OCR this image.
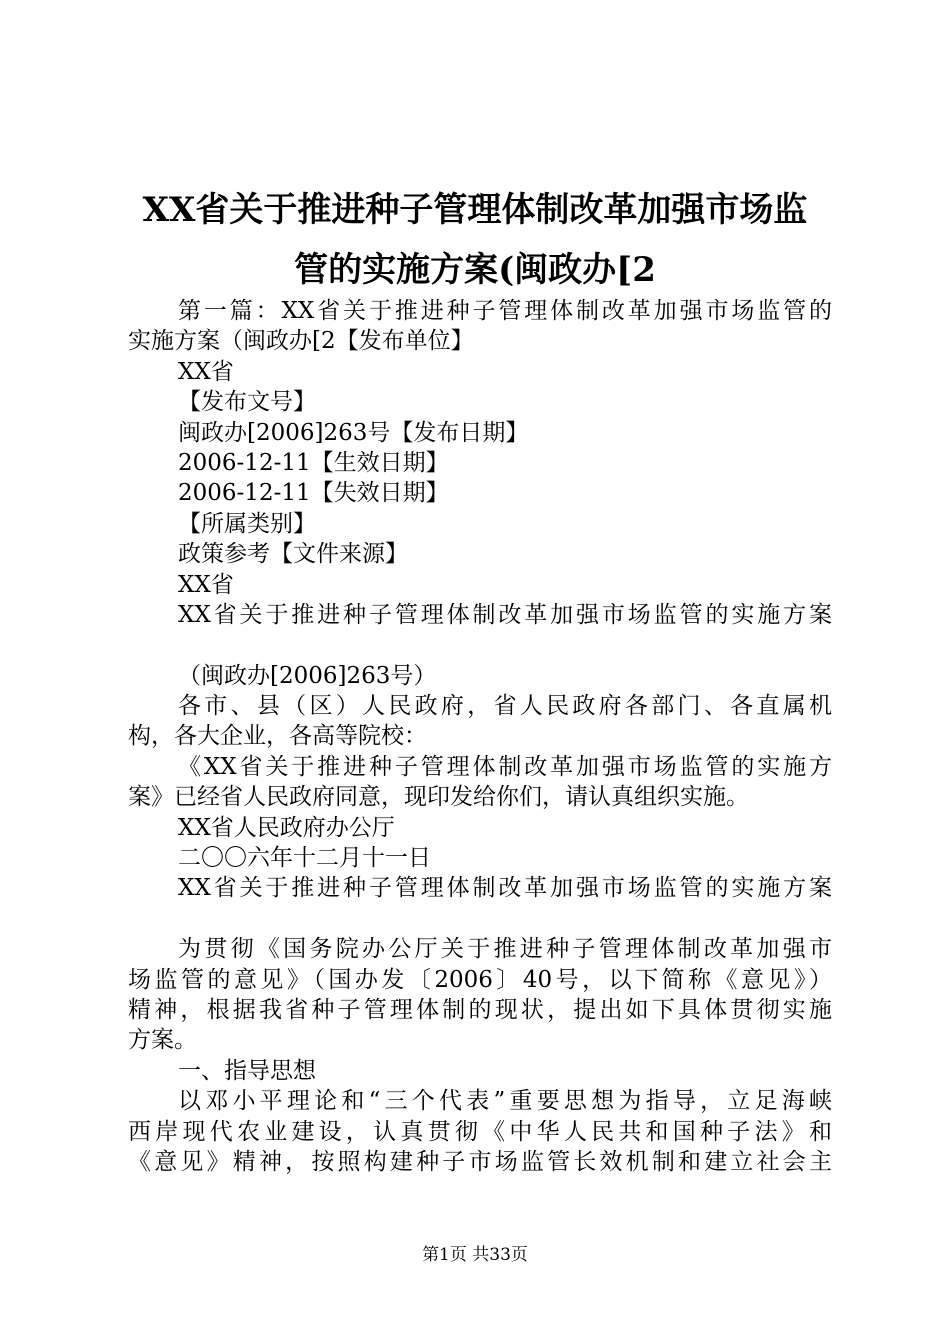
XX省关于推进种子管理体制改革加强市场监
管的实施方案(闽政办[2
第一篇：XX省关于推进种子管理体制改革加强市场监管的
实施方案（闽政办[2【发布单位】
XX省
【发布文号】
闽政办[2006]263号【发布日期】
2006-12-11【生效日期】
2006-12-11【失效日期】
【所属类别】
政策参考【文件来源】
XX省
XX省关于推进种子管理体制改革加强市场监管的实施方案
（闽政办[2006]263号）
各市、县（区）人民政府，省人民政府各部门、各直属机
构，各大企业，各高等院校：
《XX省关于推进种子管理体制改革加强市场监管的实施方
案》已经省人民政府同意，现印发给你们，请认真组织实施。
XX省人民政府办公厅
二〇〇六年十二月十一日
XX省关于推进种子管理体制改革加强市场监管的实施方案
为贯彻《国务院办公厅关于推进种子管理体制改革加强市
场监管的意见》（国办发〔2006〕40号，以下简称《意见》）
精神，根据我省种子管理体制的现状，提出如下具体贯彻实施
方案。
一、指导思想
以邓小平理论和“三个代表”重要思想为指导，立足海峡
西岸现代农业建设，认真贯彻《中华人民共和国种子法》和
《意见》精神，按照构建种子市场监管长效机制和建立社会主
第1页 共33页
